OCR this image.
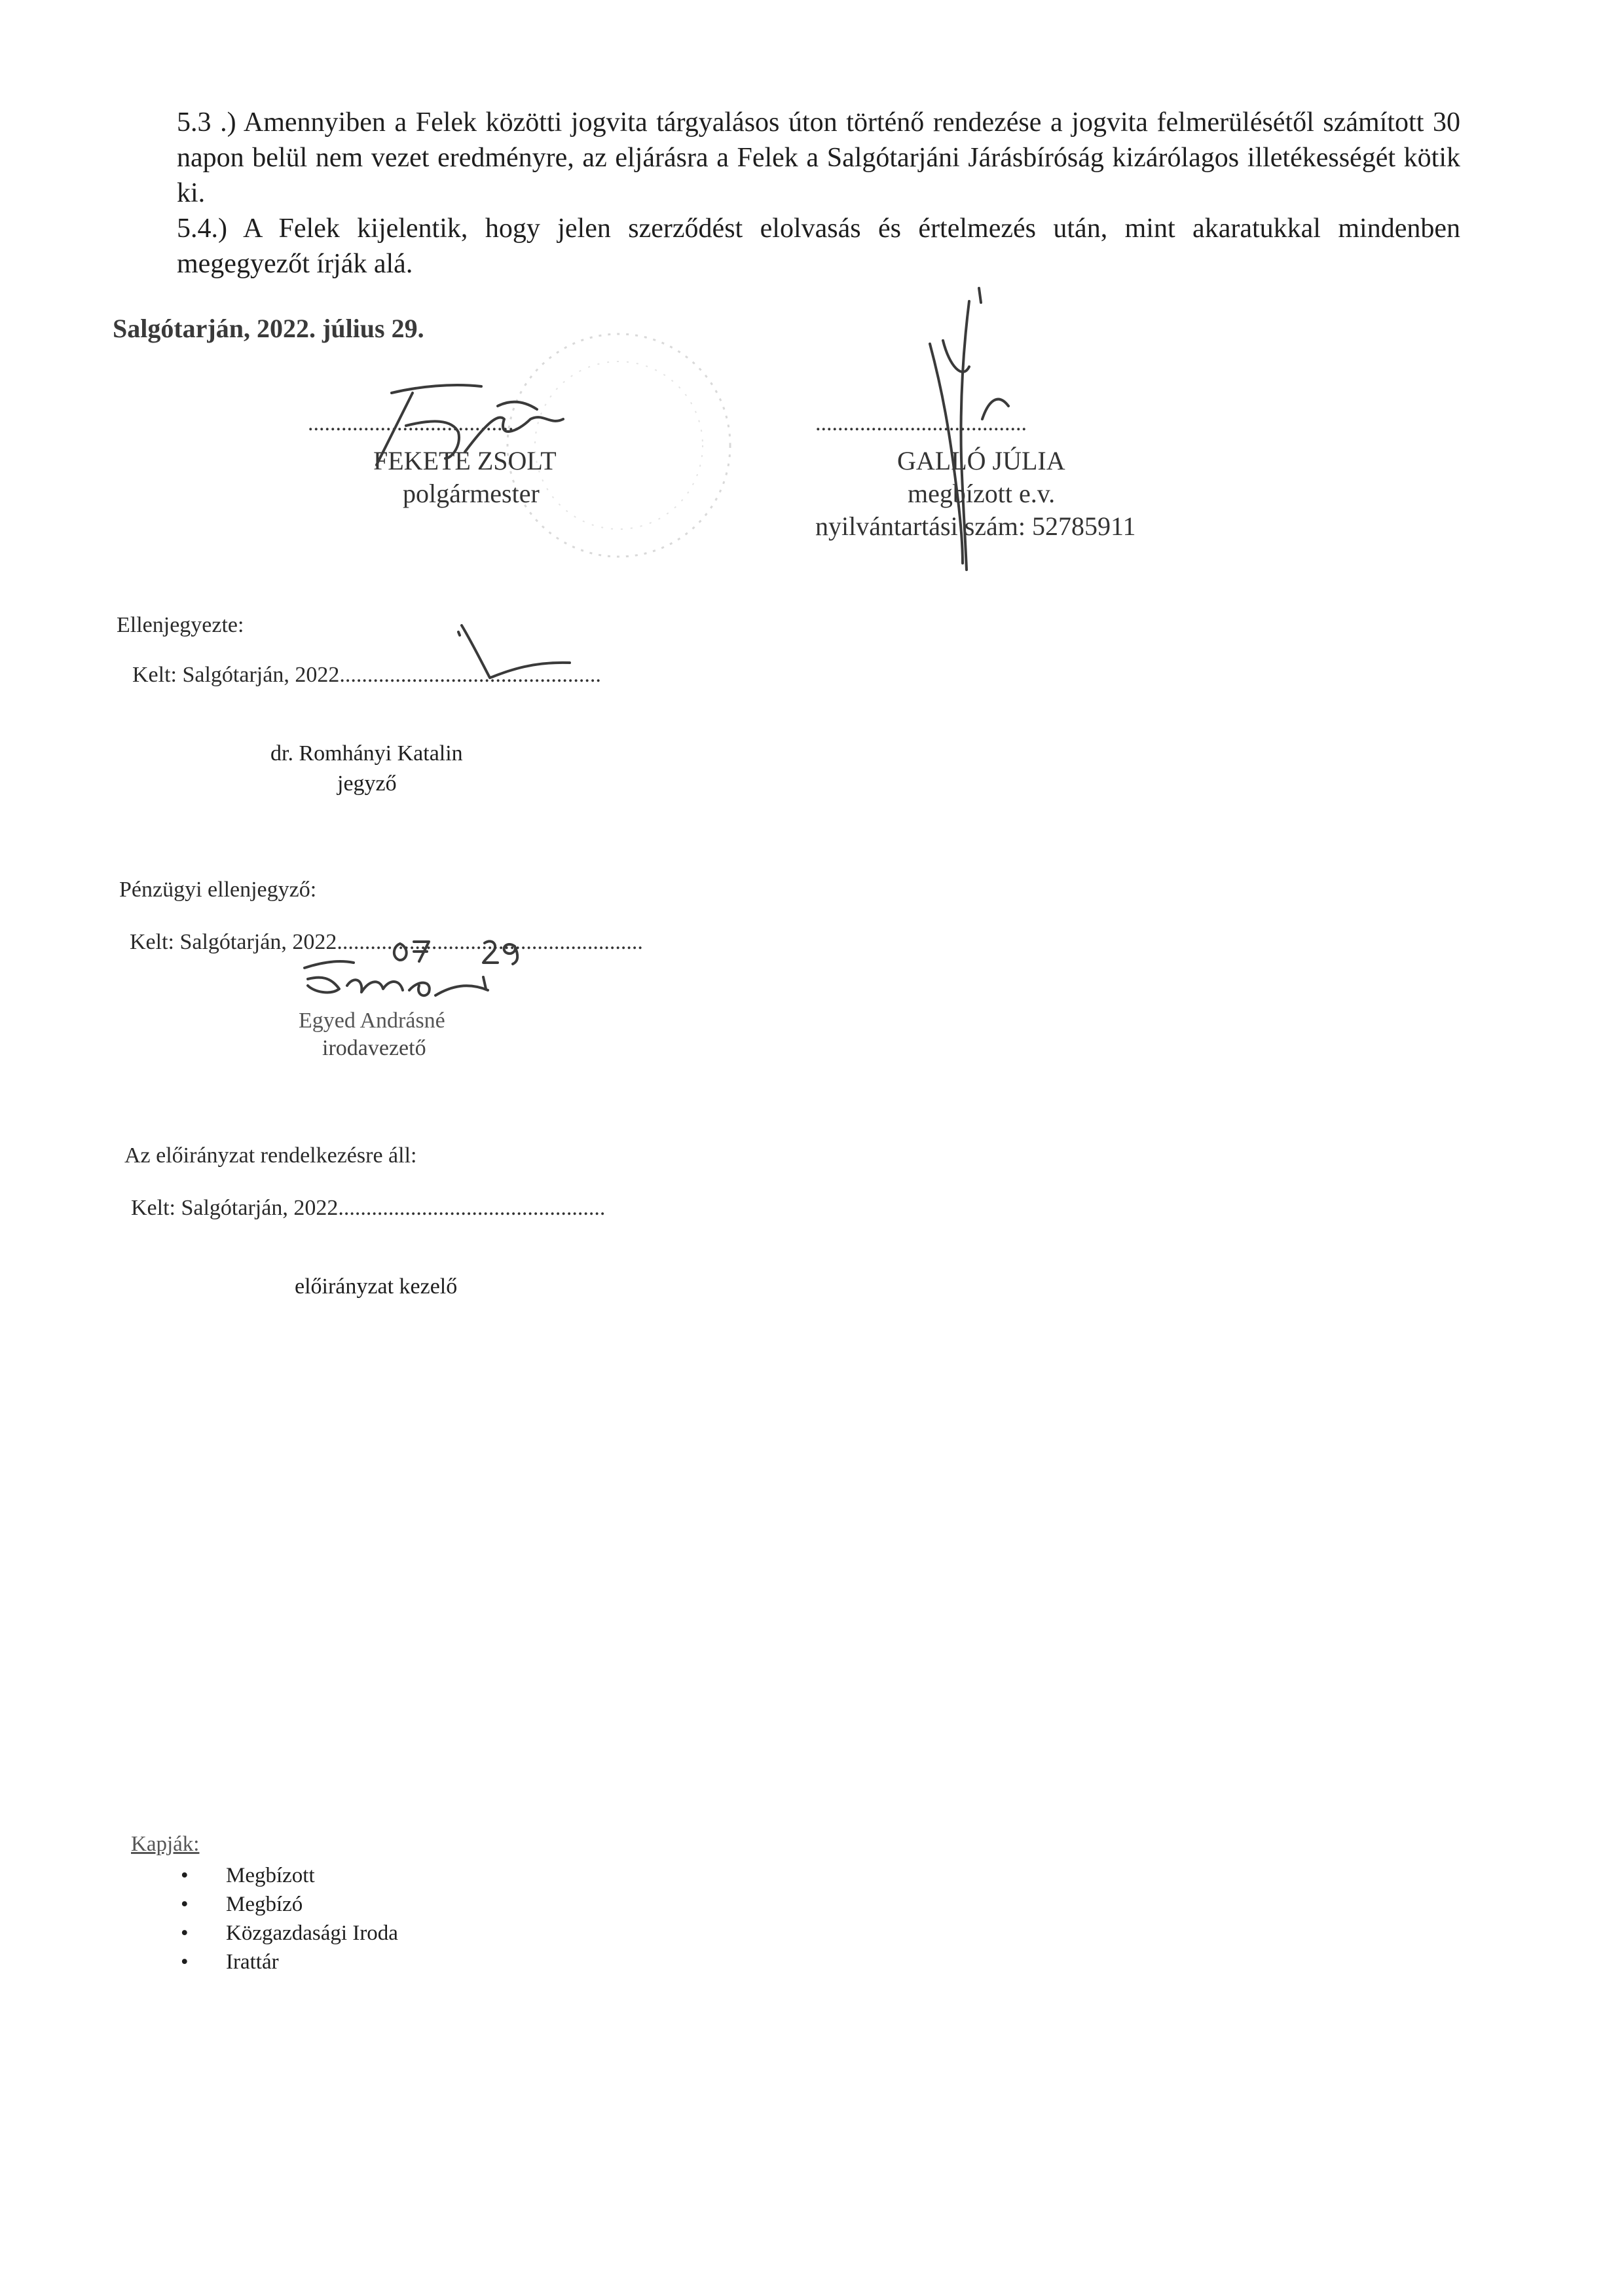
5.3 .) Amennyiben a Felek közötti jogvita tárgyalásos úton történő rendezése a jogvita felmerülésétől számított 30 napon belül nem vezet eredményre, az eljárásra a Felek a Salgótarjáni Járásbíróság kizárólagos illetékességét kötik ki.

5.4.) A Felek kijelentik, hogy jelen szerződést elolvasás és értelmezés után, mint akaratukkal mindenben megegyezőt írják alá.

Salgótarján, 2022. július 29.
......................................
FEKETE ZSOLT
polgármester
......................................
GALLÓ JÚLIA
megbízott e.v.
nyilvántartási szám: 52785911
Ellenjegyezte:
Kelt: Salgótarján, 2022...............................................
dr. Romhányi Katalin
jegyző
Pénzügyi ellenjegyző:
Kelt: Salgótarján, 2022.......................................................
Egyed Andrásné
irodavezető
Az előirányzat rendelkezésre áll:
Kelt: Salgótarján, 2022................................................
előirányzat kezelő
Kapják:
• Megbízott
• Megbízó
• Közgazdasági Iroda
• Irattár
